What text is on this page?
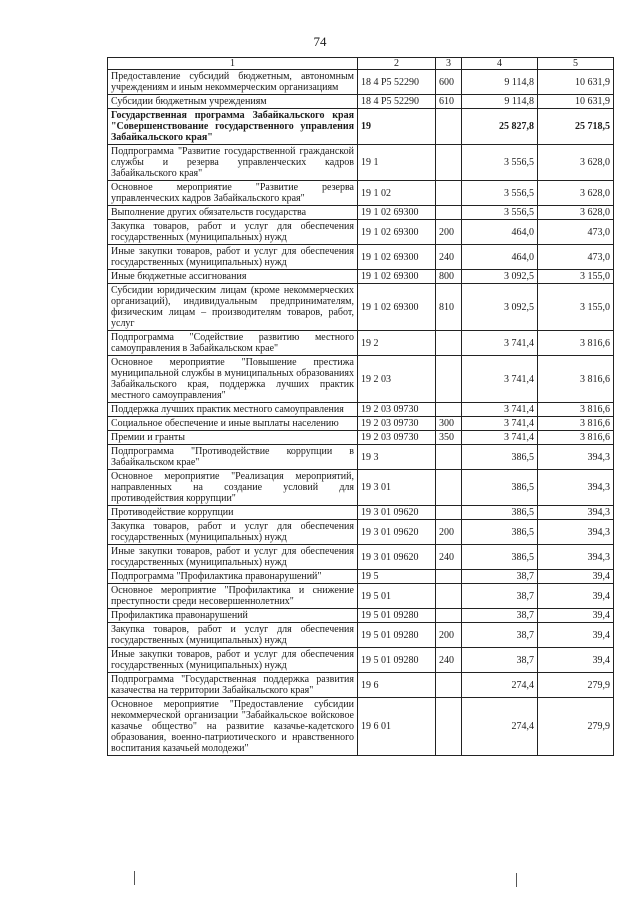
74
1	2	3	4	5
Предоставление субсидий бюджетным, автономным учреждениям и иным некоммерческим организациям	18 4 P5 52290	600	9 114,8	10 631,9
Субсидии бюджетным учреждениям	18 4 P5 52290	610	9 114,8	10 631,9
Государственная программа Забайкальского края "Совершенствование государственного управления Забайкальского края"	19		25 827,8	25 718,5
Подпрограмма "Развитие государственной гражданской службы и резерва управленческих кадров Забайкальского края"	19 1		3 556,5	3 628,0
Основное мероприятие "Развитие резерва управленческих кадров Забайкальского края"	19 1 02		3 556,5	3 628,0
Выполнение других обязательств государства	19 1 02 69300		3 556,5	3 628,0
Закупка товаров, работ и услуг для обеспечения государственных (муниципальных) нужд	19 1 02 69300	200	464,0	473,0
Иные закупки товаров, работ и услуг для обеспечения государственных (муниципальных) нужд	19 1 02 69300	240	464,0	473,0
Иные бюджетные ассигнования	19 1 02 69300	800	3 092,5	3 155,0
Субсидии юридическим лицам (кроме некоммерческих организаций), индивидуальным предпринимателям, физическим лицам – производителям товаров, работ, услуг	19 1 02 69300	810	3 092,5	3 155,0
Подпрограмма "Содействие развитию местного самоуправления в Забайкальском крае"	19 2		3 741,4	3 816,6
Основное мероприятие "Повышение престижа муниципальной службы в муниципальных образованиях Забайкальского края, поддержка лучших практик местного самоуправления"	19 2 03		3 741,4	3 816,6
Поддержка лучших практик местного самоуправления	19 2 03 09730		3 741,4	3 816,6
Социальное обеспечение и иные выплаты населению	19 2 03 09730	300	3 741,4	3 816,6
Премии и гранты	19 2 03 09730	350	3 741,4	3 816,6
Подпрограмма "Противодействие коррупции в Забайкальском крае"	19 3		386,5	394,3
Основное мероприятие "Реализация мероприятий, направленных на создание условий для противодействия коррупции"	19 3 01		386,5	394,3
Противодействие коррупции	19 3 01 09620		386,5	394,3
Закупка товаров, работ и услуг для обеспечения государственных (муниципальных) нужд	19 3 01 09620	200	386,5	394,3
Иные закупки товаров, работ и услуг для обеспечения государственных (муниципальных) нужд	19 3 01 09620	240	386,5	394,3
Подпрограмма "Профилактика правонарушений"	19 5		38,7	39,4
Основное мероприятие "Профилактика и снижение преступности среди несовершеннолетних"	19 5 01		38,7	39,4
Профилактика правонарушений	19 5 01 09280		38,7	39,4
Закупка товаров, работ и услуг для обеспечения государственных (муниципальных) нужд	19 5 01 09280	200	38,7	39,4
Иные закупки товаров, работ и услуг для обеспечения государственных (муниципальных) нужд	19 5 01 09280	240	38,7	39,4
Подпрограмма "Государственная поддержка развития казачества на территории Забайкальского края"	19 6		274,4	279,9
Основное мероприятие "Предоставление субсидии некоммерческой организации "Забайкальское войсковое казачье общество" на развитие казачье-кадетского образования, военно-патриотического и нравственного воспитания казачьей молодежи"	19 6 01		274,4	279,9
